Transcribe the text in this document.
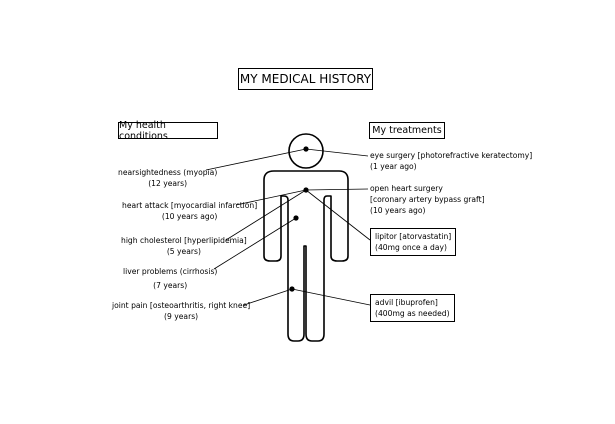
MY MEDICAL HISTORY
My health conditions	My treatments
nearsightedness (myopia)
(12 years)
heart attack [myocardial infarction]
(10 years ago)
high cholesterol [hyperlipidemia]
(5 years)
liver problems (cirrhosis)
(7 years)
joint pain [osteoarthritis, right knee]
(9 years)
eye surgery [photorefractive keratectomy]
(1 year ago)
open heart surgery
[coronary artery bypass graft]
(10 years ago)
lipitor [atorvastatin]
(40mg once a day)
advil [ibuprofen]
(400mg as needed)
